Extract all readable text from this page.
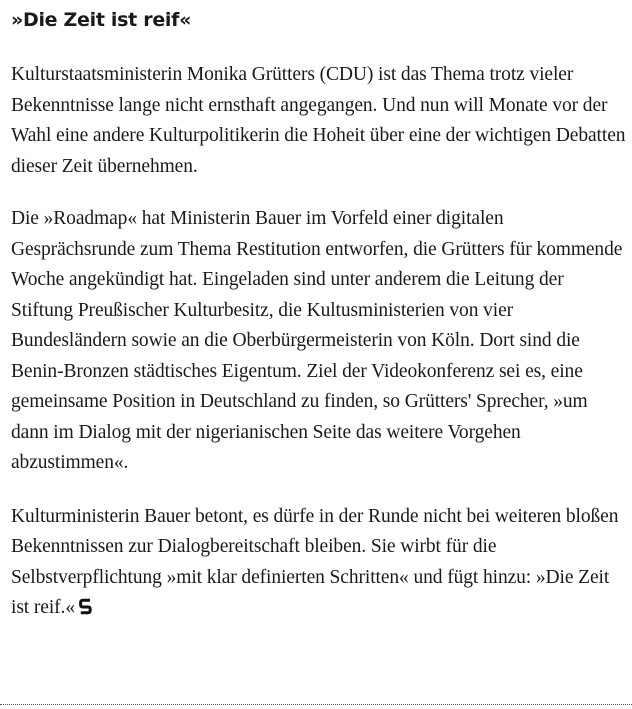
»Die Zeit ist reif«

Kulturstaatsministerin Monika Grütters (CDU) ist das Thema trotz vieler Bekenntnisse lange nicht ernsthaft angegangen. Und nun will Monate vor der Wahl eine andere Kulturpolitikerin die Hoheit über eine der wichtigen Debatten dieser Zeit übernehmen.

Die »Roadmap« hat Ministerin Bauer im Vorfeld einer digitalen Gesprächsrunde zum Thema Restitution entworfen, die Grütters für kommende Woche angekündigt hat. Eingeladen sind unter anderem die Leitung der Stiftung Preußischer Kulturbesitz, die Kultusministerien von vier Bundesländern sowie an die Oberbürgermeisterin von Köln. Dort sind die Benin-Bronzen städtisches Eigentum. Ziel der Videokonferenz sei es, eine gemeinsame Position in Deutschland zu finden, so Grütters' Sprecher, »um dann im Dialog mit der nigerianischen Seite das weitere Vorgehen abzustimmen«.

Kulturministerin Bauer betont, es dürfe in der Runde nicht bei weiteren bloßen Bekenntnissen zur Dialogbereitschaft bleiben. Sie wirbt für die Selbstverpflichtung »mit klar definierten Schritten« und fügt hinzu: »Die Zeit ist reif.«
